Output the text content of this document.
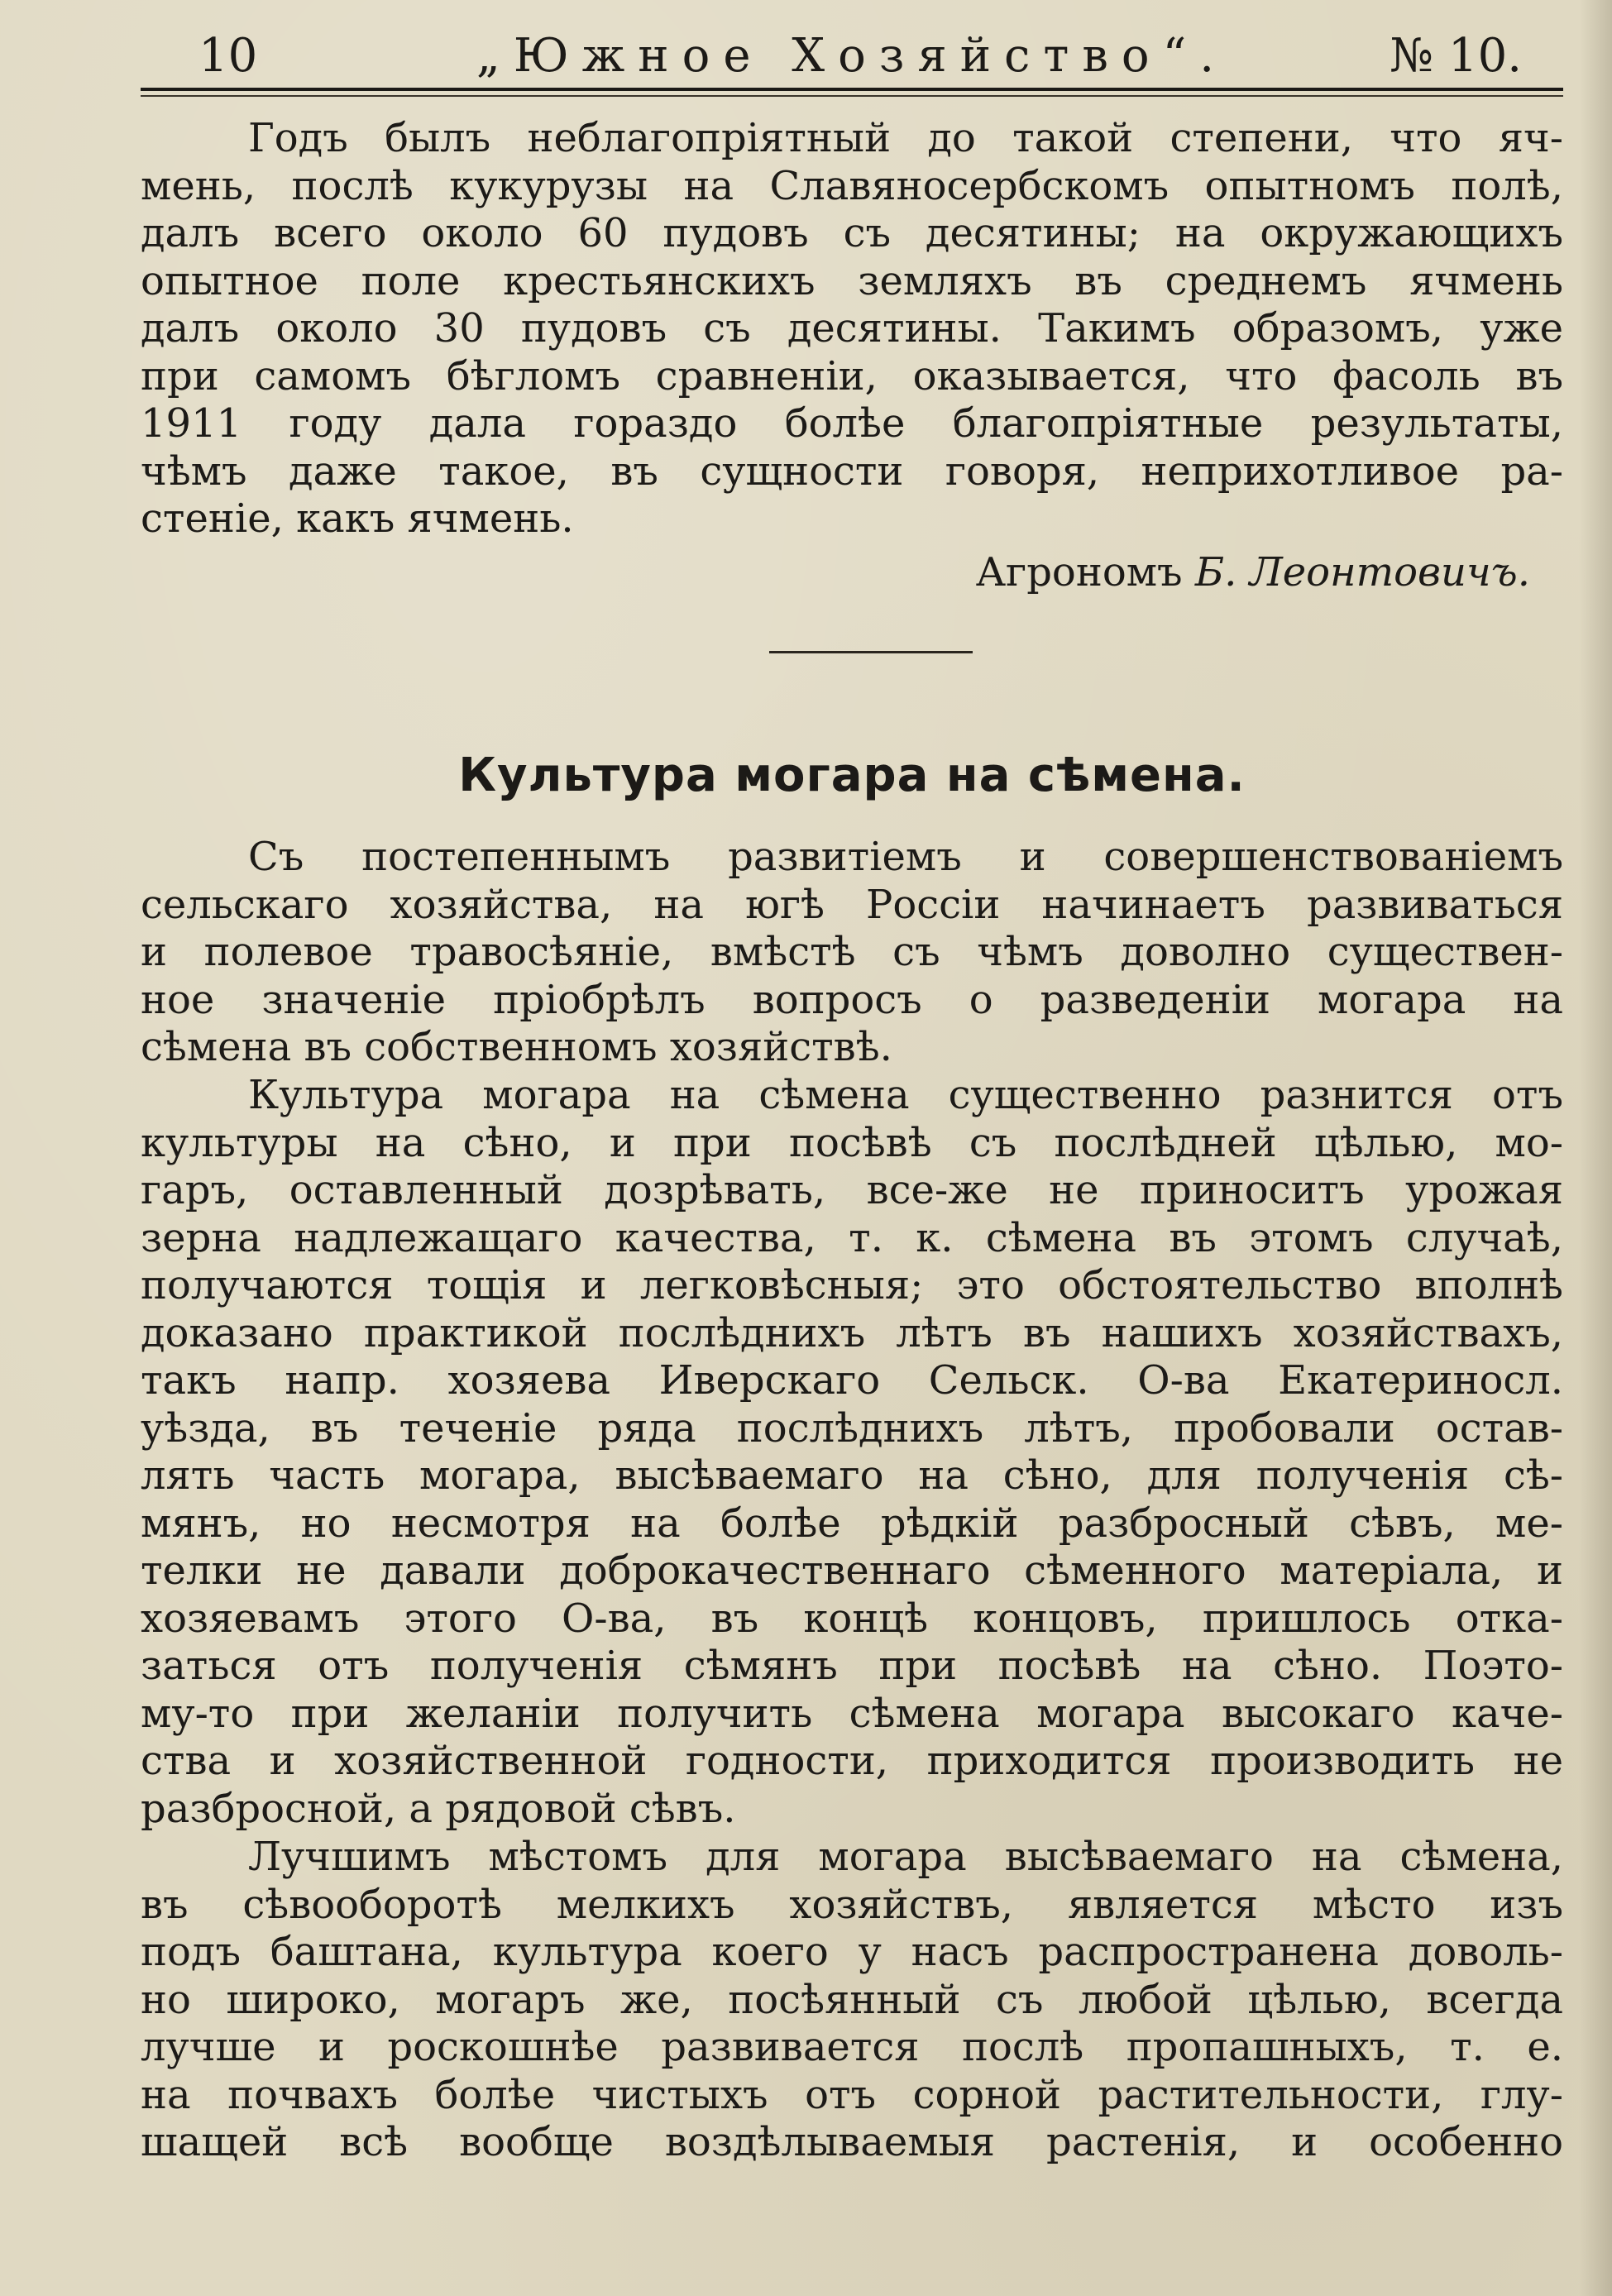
10	„Южное Хозяйство“.	№ 10.
Годъ былъ неблагопріятный до такой степени, что яч-
мень, послѣ кукурузы на Славяносербскомъ опытномъ полѣ,
далъ всего около 60 пудовъ съ десятины; на окружающихъ
опытное поле крестьянскихъ земляхъ въ среднемъ ячмень
далъ около 30 пудовъ съ десятины. Такимъ образомъ, уже
при самомъ бѣгломъ сравненіи, оказывается, что фасоль въ
1911 году дала гораздо болѣе благопріятные результаты,
чѣмъ даже такое, въ сущности говоря, неприхотливое ра-
стеніе, какъ ячмень.
Агрономъ Б. Леонтовичъ.
Культура могара на сѣмена.
Съ постепеннымъ развитіемъ и совершенствованіемъ
сельскаго хозяйства, на югѣ Россіи начинаетъ развиваться
и полевое травосѣяніе, вмѣстѣ съ чѣмъ доволно существен-
ное значеніе пріобрѣлъ вопросъ о разведеніи могара на
сѣмена въ собственномъ хозяйствѣ.
Культура могара на сѣмена существенно разнится отъ
культуры на сѣно, и при посѣвѣ съ послѣдней цѣлью, мо-
гаръ, оставленный дозрѣвать, все-же не приноситъ урожая
зерна надлежащаго качества, т. к. сѣмена въ этомъ случаѣ,
получаются тощія и легковѣсныя; это обстоятельство вполнѣ
доказано практикой послѣднихъ лѣтъ въ нашихъ хозяйствахъ,
такъ напр. хозяева Иверскаго Сельск. О-ва Екатериносл.
уѣзда, въ теченіе ряда послѣднихъ лѣтъ, пробовали остав-
лять часть могара, высѣваемаго на сѣно, для полученія сѣ-
мянъ, но несмотря на болѣе рѣдкій разбросный сѣвъ, ме-
телки не давали доброкачественнаго сѣменного матеріала, и
хозяевамъ этого О-ва, въ концѣ концовъ, пришлось отка-
заться отъ полученія сѣмянъ при посѣвѣ на сѣно. Поэто-
му-то при желаніи получить сѣмена могара высокаго каче-
ства и хозяйственной годности, приходится производить не
разбросной, а рядовой сѣвъ.
Лучшимъ мѣстомъ для могара высѣваемаго на сѣмена,
въ сѣвооборотѣ мелкихъ хозяйствъ, является мѣсто изъ
подъ баштана, культура коего у насъ распространена доволь-
но широко, могаръ же, посѣянный съ любой цѣлью, всегда
лучше и роскошнѣе развивается послѣ пропашныхъ, т. е.
на почвахъ болѣе чистыхъ отъ сорной растительности, глу-
шащей всѣ вообще воздѣлываемыя растенія, и особенно
